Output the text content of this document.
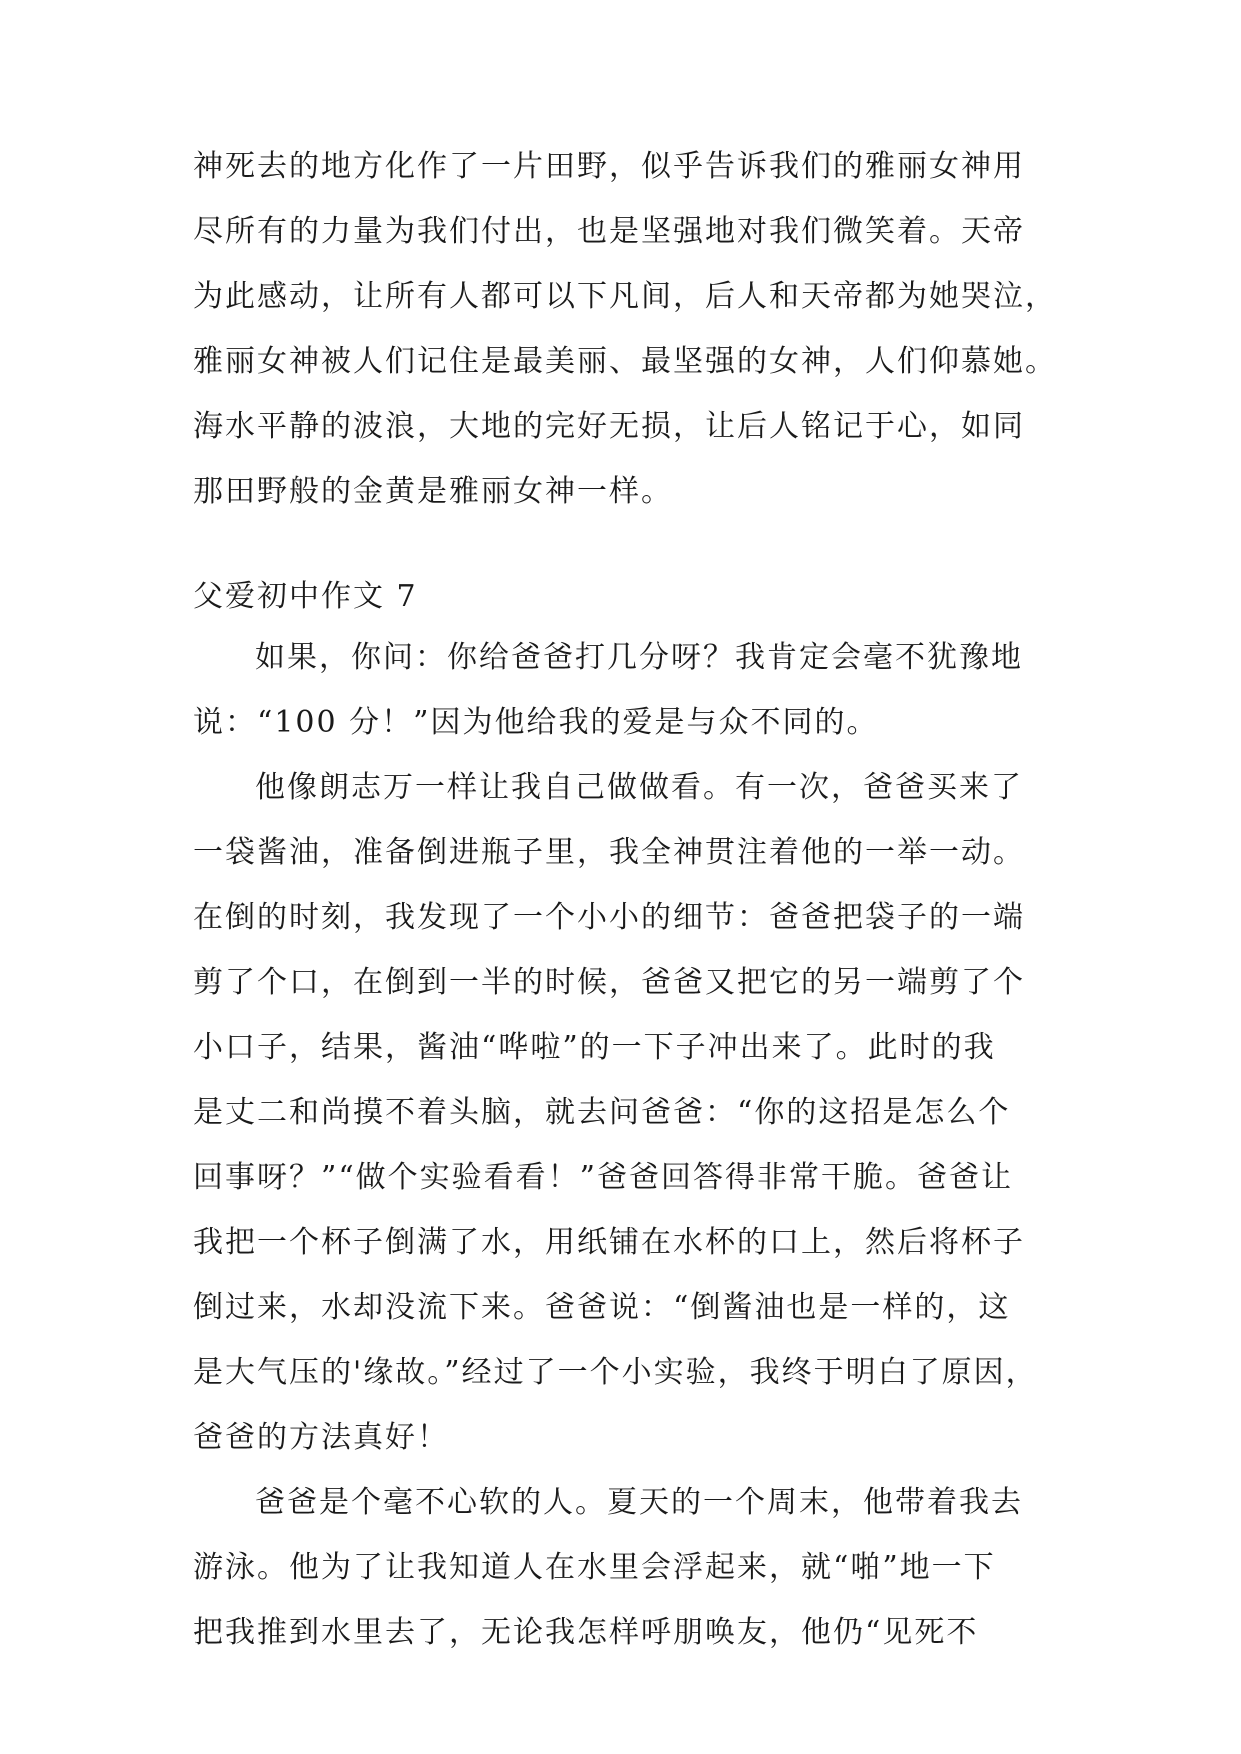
神死去的地方化作了一片田野，似乎告诉我们的雅丽女神用
尽所有的力量为我们付出，也是坚强地对我们微笑着。天帝
为此感动，让所有人都可以下凡间，后人和天帝都为她哭泣，
雅丽女神被人们记住是最美丽、最坚强的女神，人们仰慕她。
海水平静的波浪，大地的完好无损，让后人铭记于心，如同
那田野般的金黄是雅丽女神一样。
父爱初中作文 7
如果，你问：你给爸爸打几分呀？我肯定会毫不犹豫地
说：“100 分！”因为他给我的爱是与众不同的。
他像朗志万一样让我自己做做看。有一次，爸爸买来了
一袋酱油，准备倒进瓶子里，我全神贯注着他的一举一动。
在倒的时刻，我发现了一个小小的细节：爸爸把袋子的一端
剪了个口，在倒到一半的时候，爸爸又把它的另一端剪了个
小口子，结果，酱油“哗啦”的一下子冲出来了。此时的我
是丈二和尚摸不着头脑，就去问爸爸：“你的这招是怎么个
回事呀？”“做个实验看看！”爸爸回答得非常干脆。爸爸让
我把一个杯子倒满了水，用纸铺在水杯的口上，然后将杯子
倒过来，水却没流下来。爸爸说：“倒酱油也是一样的，这
是大气压的'缘故。”经过了一个小实验，我终于明白了原因，
爸爸的方法真好！
爸爸是个毫不心软的人。夏天的一个周末，他带着我去
游泳。他为了让我知道人在水里会浮起来，就“啪”地一下
把我推到水里去了，无论我怎样呼朋唤友，他仍“见死不
